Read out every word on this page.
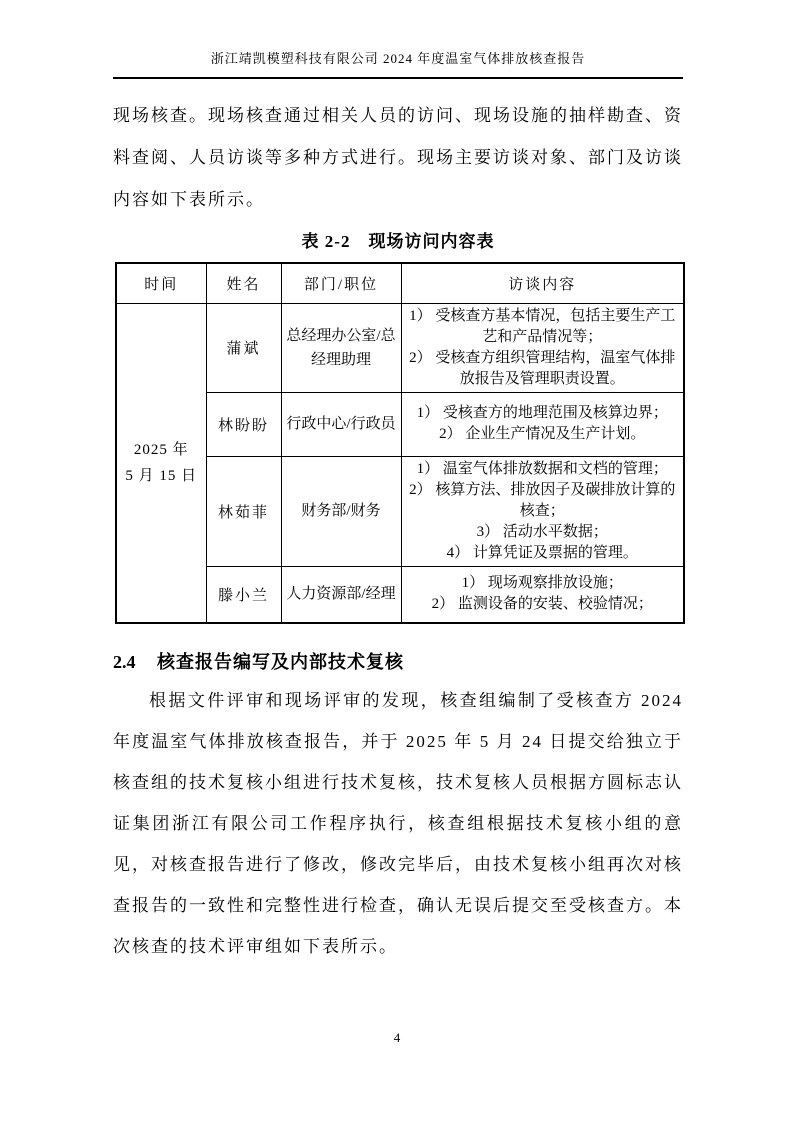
浙江靖凯模塑科技有限公司 2024 年度温室气体排放核查报告

现场核查。现场核查通过相关人员的访问、现场设施的抽样勘查、资料查阅、人员访谈等多种方式进行。现场主要访谈对象、部门及访谈内容如下表所示。

表 2-2　现场访问内容表
时间	姓名	部门/职位	访谈内容

2025 年
5 月 15 日
	蒲斌	总经理办公室/总经理助理	
1） 受核查方基本情况，包括主要生产工艺和产品情况等；
2） 受核查方组织管理结构，温室气体排放报告及管理职责设置。

	林盼盼	行政中心/行政员	1） 受核查方的地理范围及核算边界；
2） 企业生产情况及生产计划。

	林茹菲	财务部/财务	1） 温室气体排放数据和文档的管理；
2） 核算方法、排放因子及碳排放计算的核查；
3） 活动水平数据；
4） 计算凭证及票据的管理。

	滕小兰	人力资源部/经理	1） 现场观察排放设施；
2） 监测设备的安装、校验情况；
2.4 核查报告编写及内部技术复核

根据文件评审和现场评审的发现，核查组编制了受核查方 2024 年度温室气体排放核查报告，并于 2025 年 5 月 24 日提交给独立于核查组的技术复核小组进行技术复核，技术复核人员根据方圆标志认证集团浙江有限公司工作程序执行，核查组根据技术复核小组的意见，对核查报告进行了修改，修改完毕后，由技术复核小组再次对核查报告的一致性和完整性进行检查，确认无误后提交至受核查方。本次核查的技术评审组如下表所示。

4
